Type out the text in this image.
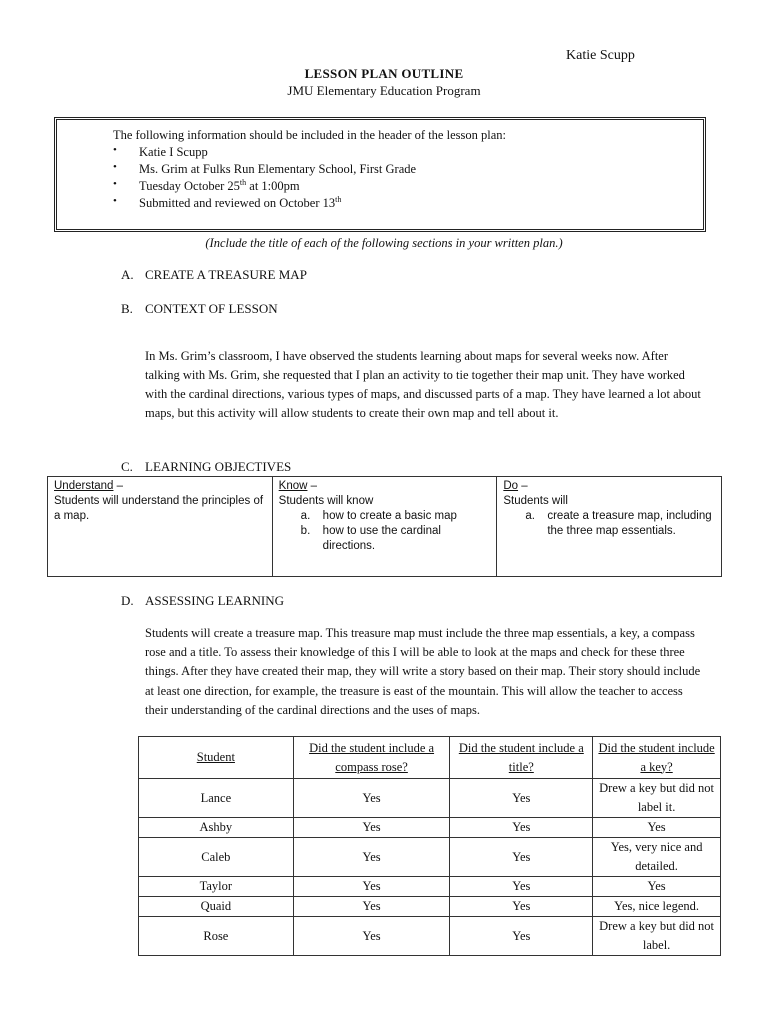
Katie Scupp
LESSON PLAN OUTLINE
JMU Elementary Education Program
The following information should be included in the header of the lesson plan:
• Katie I Scupp
• Ms. Grim at Fulks Run Elementary School, First Grade
• Tuesday October 25th at 1:00pm
• Submitted and reviewed on October 13th
(Include the title of each of the following sections in your written plan.)
A. CREATE A TREASURE MAP
B. CONTEXT OF LESSON
In Ms. Grim’s classroom, I have observed the students learning about maps for several weeks now. After talking with Ms. Grim, she requested that I plan an activity to tie together their map unit. They have worked with the cardinal directions, various types of maps, and discussed parts of a map. They have learned a lot about maps, but this activity will allow students to create their own map and tell about it.
C. LEARNING OBJECTIVES
Understand –
Students will understand the principles of a map.
Know –
Students will know
a. how to create a basic map
b. how to use the cardinal directions.
Do –
Students will
a. create a treasure map, including the three map essentials.
D. ASSESSING LEARNING
Students will create a treasure map. This treasure map must include the three map essentials, a key, a compass rose and a title. To assess their knowledge of this I will be able to look at the maps and check for these three things. After they have created their map, they will write a story based on their map. Their story should include at least one direction, for example, the treasure is east of the mountain. This will allow the teacher to access their understanding of the cardinal directions and the uses of maps.
Student	Did the student include a compass rose?	Did the student include a title?	Did the student include a key?
Lance	Yes	Yes	Drew a key but did not label it.
Ashby	Yes	Yes	Yes
Caleb	Yes	Yes	Yes, very nice and detailed.
Taylor	Yes	Yes	Yes
Quaid	Yes	Yes	Yes, nice legend.
Rose	Yes	Yes	Drew a key but did not label.
